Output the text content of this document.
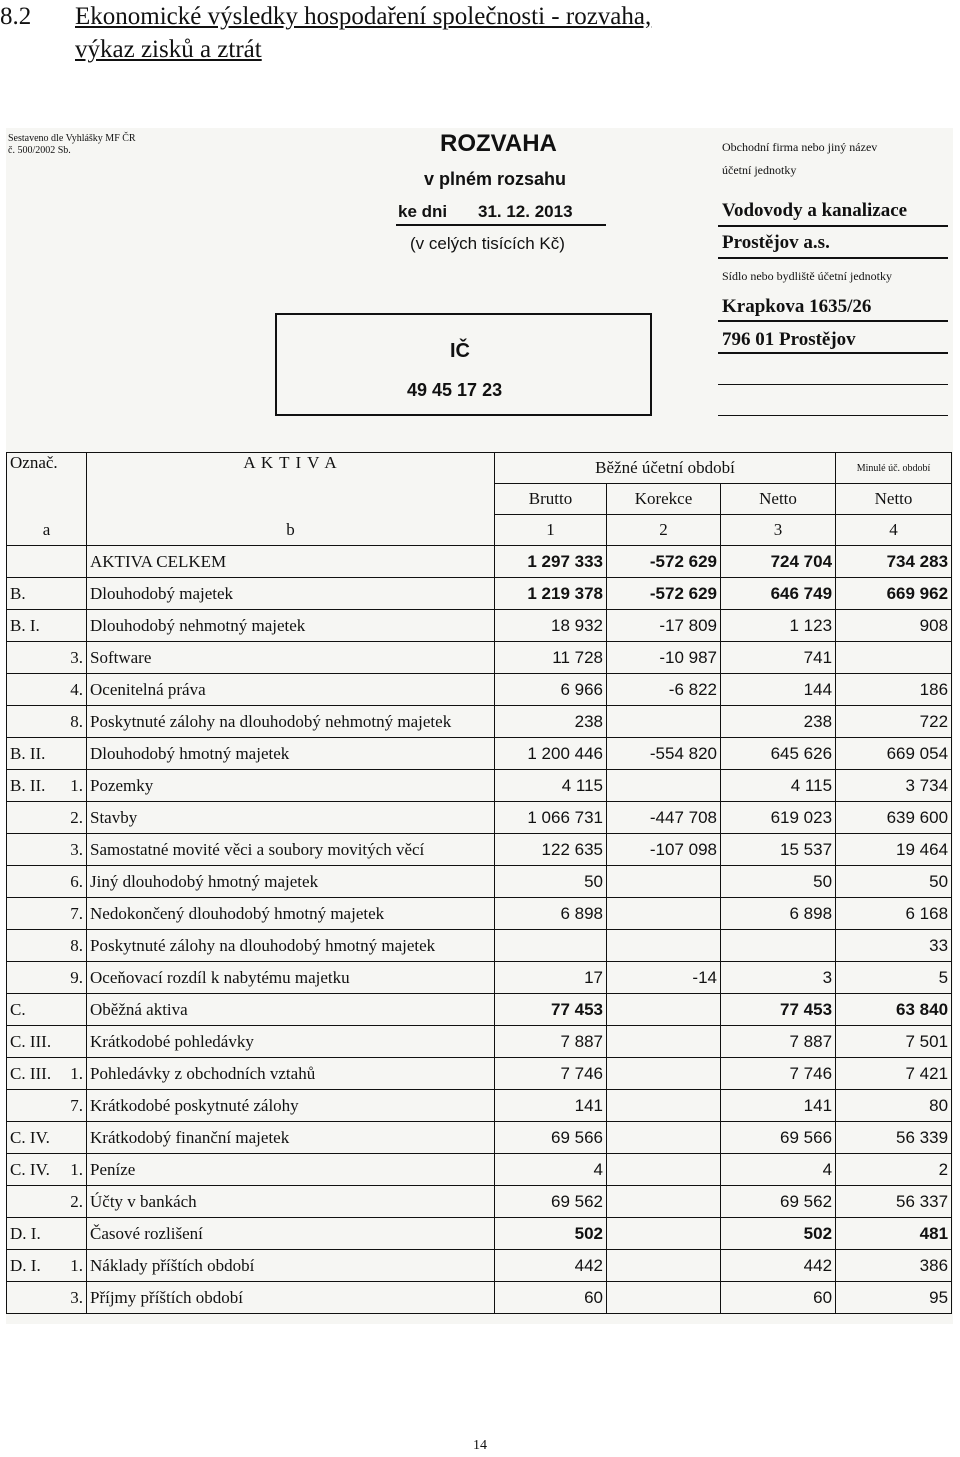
8.2 Ekonomické výsledky hospodaření společnosti - rozvaha,
výkaz zisků a ztrát
Sestaveno dle Vyhlášky MF ČR
č. 500/2002 Sb.	ROZVAHA
v plném rozsahu
ke dni 31. 12. 2013
(v celých tisících Kč)
IČ
49 45 17 23
Obchodní firma nebo jiný název
účetní jednotky
Vodovody a kanalizace
Prostějov a.s.
Sídlo nebo bydliště účetní jednotky
Krapkova 1635/26
796 01 Prostějov
Označ.	A K T I V A	Běžné účetní období			Minulé úč. období
		Brutto	Korekce	Netto	Netto
a	b	1	2	3	4

	AKTIVA CELKEM	1 297 333	-572 629	724 704	734 283

B.	Dlouhodobý majetek	1 219 378	-572 629	646 749	669 962

B. I.	Dlouhodobý nehmotný majetek	18 932	-17 809	1 123	908

3.	Software	11 728	-10 987	741	

4.	Ocenitelná práva	6 966	-6 822	144	186

8.	Poskytnuté zálohy na dlouhodobý nehmotný majetek	238		238	722

B. II.	Dlouhodobý hmotný majetek	1 200 446	-554 820	645 626	669 054

B. II. 1.	Pozemky	4 115		4 115	3 734

2.	Stavby	1 066 731	-447 708	619 023	639 600

3.	Samostatné movité věci a soubory movitých věcí	122 635	-107 098	15 537	19 464

6.	Jiný dlouhodobý hmotný majetek	50		50	50

7.	Nedokončený dlouhodobý hmotný majetek	6 898		6 898	6 168

8.	Poskytnuté zálohy na dlouhodobý hmotný majetek				33

9.	Oceňovací rozdíl k nabytému majetku	17	-14	3	5

C.	Oběžná aktiva	77 453		77 453	63 840

C. III.	Krátkodobé pohledávky	7 887		7 887	7 501

C. III. 1.	Pohledávky z obchodních vztahů	7 746		7 746	7 421

7.	Krátkodobé poskytnuté zálohy	141		141	80

C. IV.	Krátkodobý finanční majetek	69 566		69 566	56 339

C. IV. 1.	Peníze	4		4	2

2.	Účty v bankách	69 562		69 562	56 337

D. I.	Časové rozlišení	502		502	481

D. I. 1.	Náklady příštích období	442		442	386

3.	Příjmy příštích období	60		60	95
14
